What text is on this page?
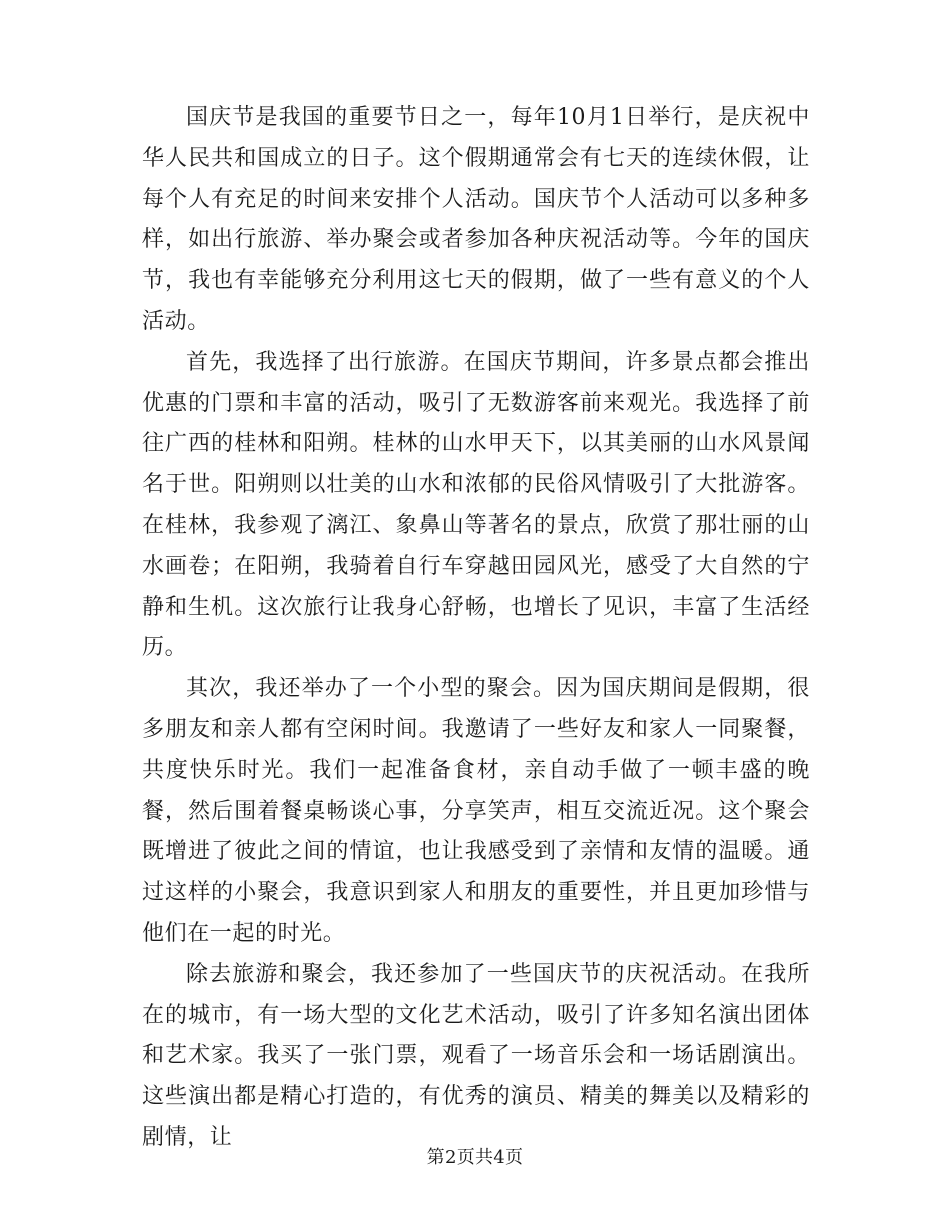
国庆节是我国的重要节日之一，每年10月1日举行，是庆祝中华人民共和国成立的日子。这个假期通常会有七天的连续休假，让每个人有充足的时间来安排个人活动。国庆节个人活动可以多种多样，如出行旅游、举办聚会或者参加各种庆祝活动等。今年的国庆节，我也有幸能够充分利用这七天的假期，做了一些有意义的个人活动。

首先，我选择了出行旅游。在国庆节期间，许多景点都会推出优惠的门票和丰富的活动，吸引了无数游客前来观光。我选择了前往广西的桂林和阳朔。桂林的山水甲天下，以其美丽的山水风景闻名于世。阳朔则以壮美的山水和浓郁的民俗风情吸引了大批游客。在桂林，我参观了漓江、象鼻山等著名的景点，欣赏了那壮丽的山水画卷；在阳朔，我骑着自行车穿越田园风光，感受了大自然的宁静和生机。这次旅行让我身心舒畅，也增长了见识，丰富了生活经历。

其次，我还举办了一个小型的聚会。因为国庆期间是假期，很多朋友和亲人都有空闲时间。我邀请了一些好友和家人一同聚餐，共度快乐时光。我们一起准备食材，亲自动手做了一顿丰盛的晚餐，然后围着餐桌畅谈心事，分享笑声，相互交流近况。这个聚会既增进了彼此之间的情谊，也让我感受到了亲情和友情的温暖。通过这样的小聚会，我意识到家人和朋友的重要性，并且更加珍惜与他们在一起的时光。

除去旅游和聚会，我还参加了一些国庆节的庆祝活动。在我所在的城市，有一场大型的文化艺术活动，吸引了许多知名演出团体和艺术家。我买了一张门票，观看了一场音乐会和一场话剧演出。这些演出都是精心打造的，有优秀的演员、精美的舞美以及精彩的剧情，让

第2页共4页
